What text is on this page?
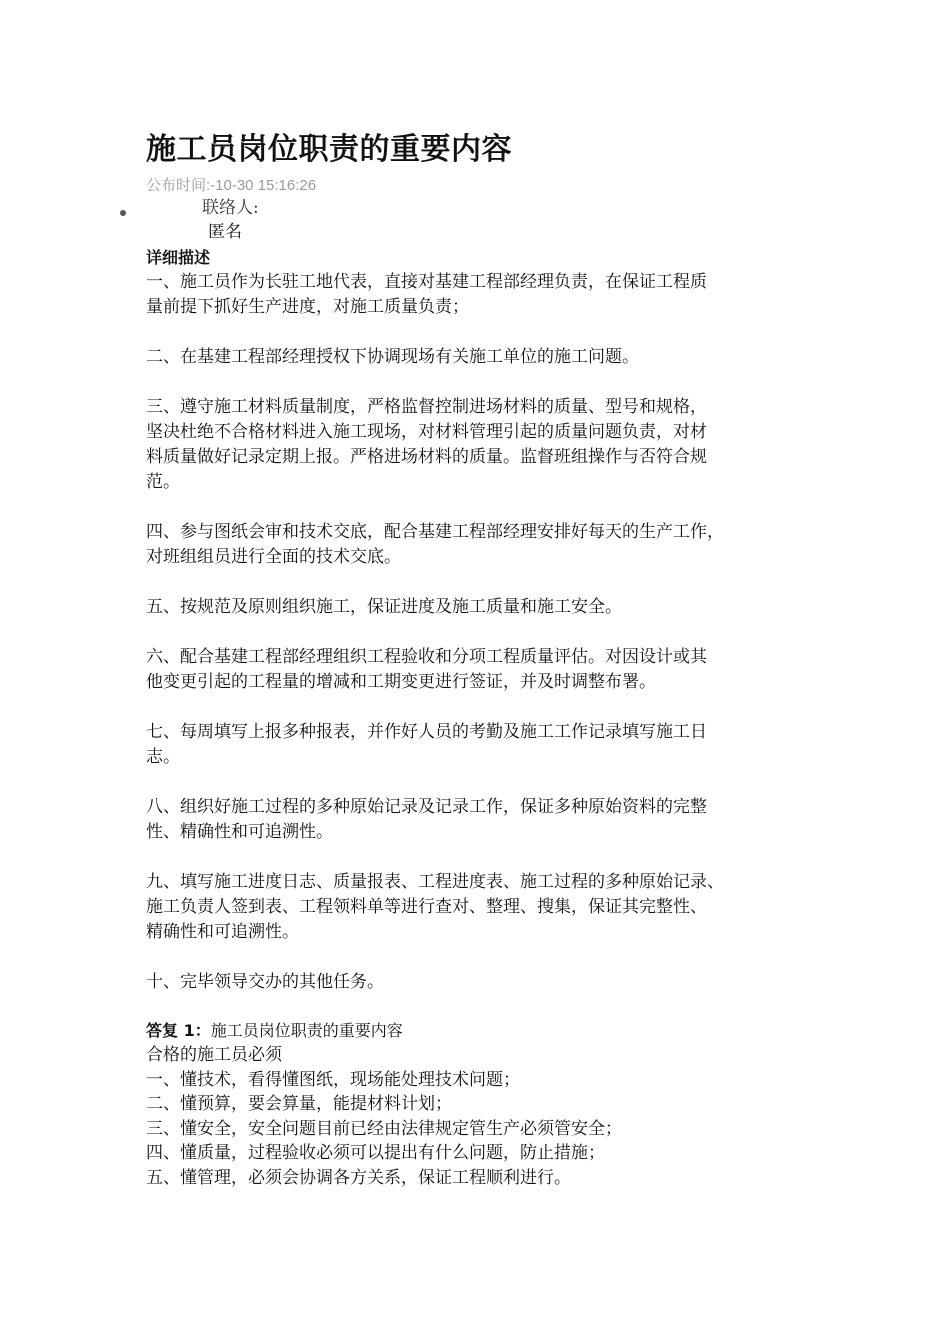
施工员岗位职责的重要内容
公布时间:-10-30 15:16:26
联络人:
匿名
详细描述

一、施工员作为长驻工地代表，直接对基建工程部经理负责，在保证工程质
量前提下抓好生产进度，对施工质量负责；

二、在基建工程部经理授权下协调现场有关施工单位的施工问题。

三、遵守施工材料质量制度，严格监督控制进场材料的质量、型号和规格，
坚决杜绝不合格材料进入施工现场，对材料管理引起的质量问题负责，对材
料质量做好记录定期上报。严格进场材料的质量。监督班组操作与否符合规
范。

四、参与图纸会审和技术交底，配合基建工程部经理安排好每天的生产工作，
对班组组员进行全面的技术交底。

五、按规范及原则组织施工，保证进度及施工质量和施工安全。

六、配合基建工程部经理组织工程验收和分项工程质量评估。对因设计或其
他变更引起的工程量的增减和工期变更进行签证，并及时调整布署。

七、每周填写上报多种报表，并作好人员的考勤及施工工作记录填写施工日
志。

八、组织好施工过程的多种原始记录及记录工作，保证多种原始资料的完整
性、精确性和可追溯性。

九、填写施工进度日志、质量报表、工程进度表、施工过程的多种原始记录、
施工负责人签到表、工程领料单等进行查对、整理、搜集，保证其完整性、
精确性和可追溯性。

十、完毕领导交办的其他任务。

答复 1：施工员岗位职责的重要内容
合格的施工员必须
一、懂技术，看得懂图纸，现场能处理技术问题；
二、懂预算，要会算量，能提材料计划；
三、懂安全，安全问题目前已经由法律规定管生产必须管安全；
四、懂质量，过程验收必须可以提出有什么问题，防止措施；
五、懂管理，必须会协调各方关系，保证工程顺利进行。
